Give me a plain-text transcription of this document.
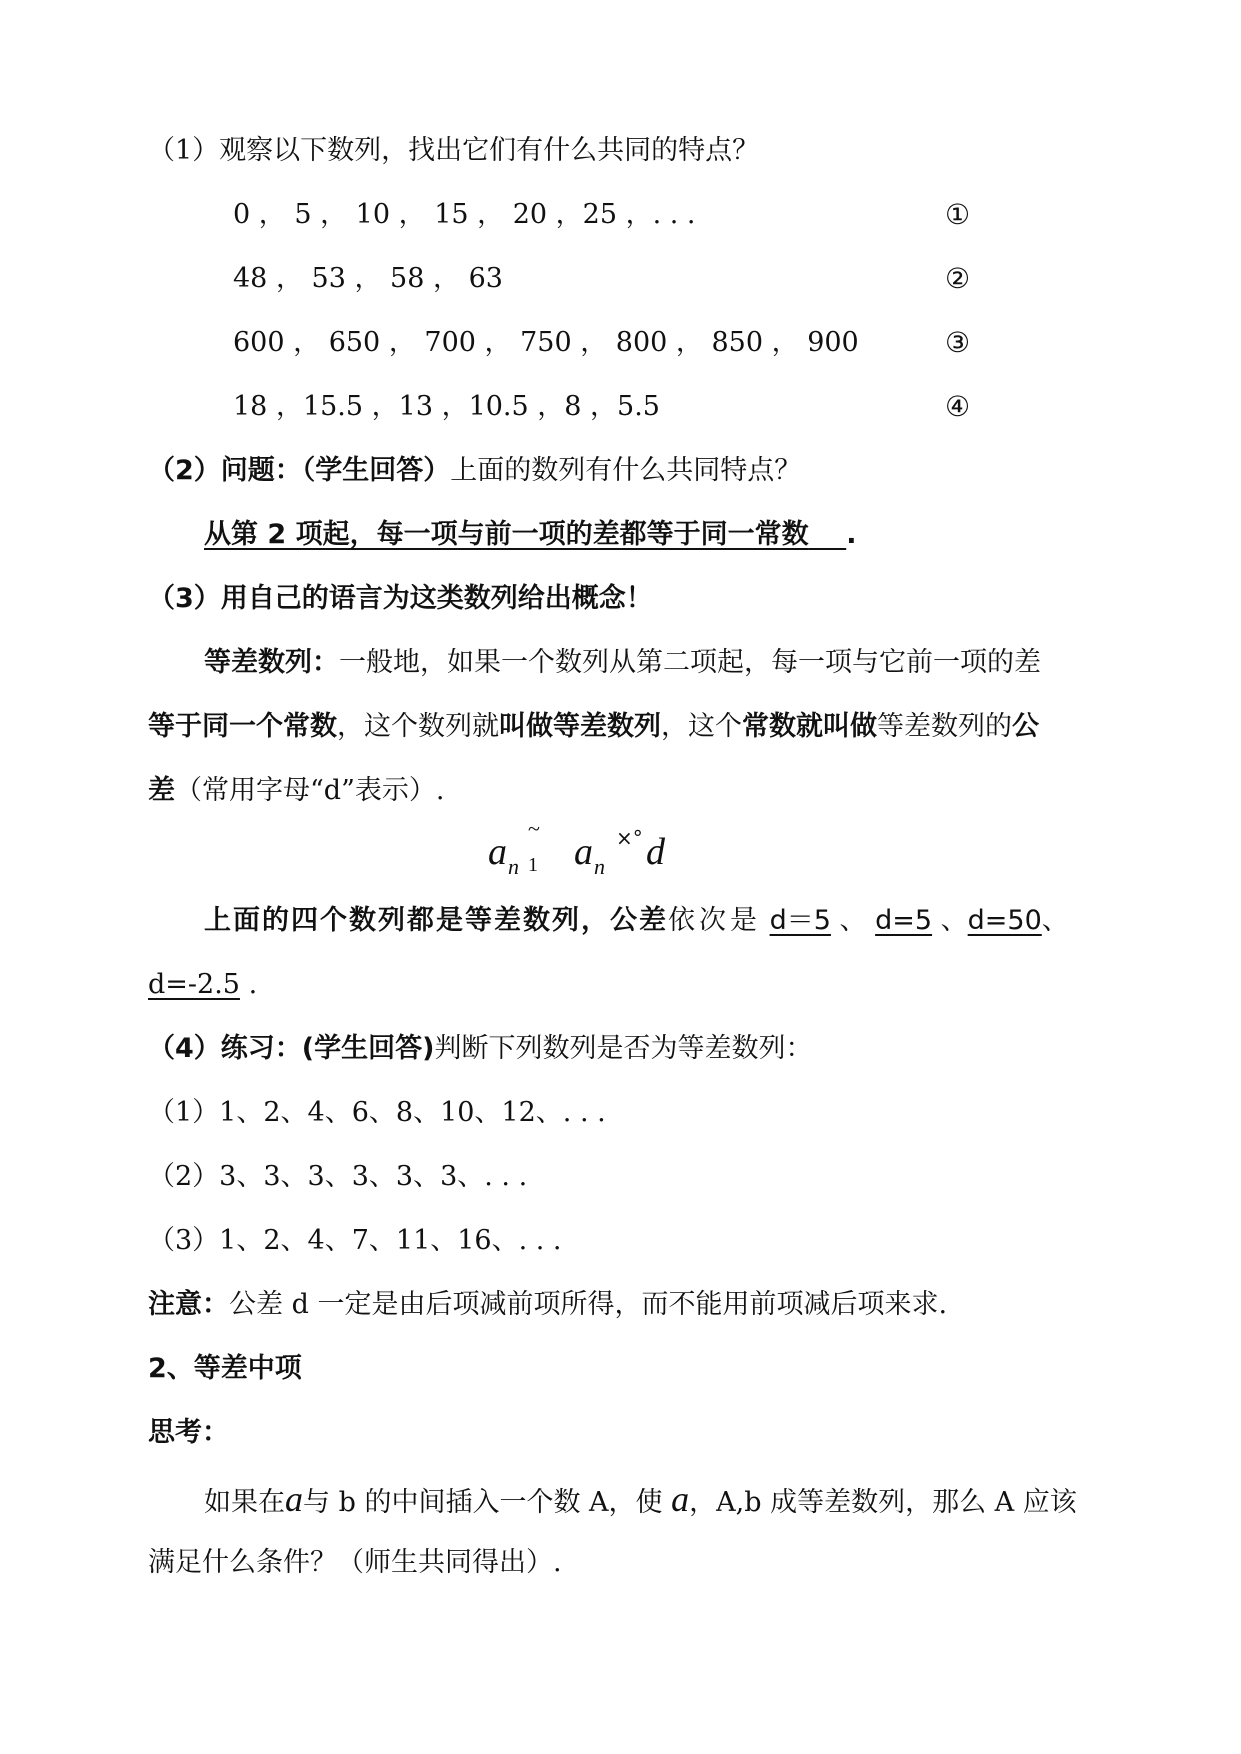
（1）观察以下数列，找出它们有什么共同的特点？
0 ， 5 ， 10 ， 15 ， 20 ，25 ，. . .	①
48 ， 53 ， 58 ， 63	②
600 ， 650 ， 700 ， 750 ， 800 ， 850 ， 900	③
18 ，15.5 ，13 ，10.5 ，8 ，5.5	④
（2）问题：（学生回答）上面的数列有什么共同特点？
从第 2 项起，每一项与前一项的差都等于同一常数 .
（3）用自己的语言为这类数列给出概念！
等差数列：一般地，如果一个数列从第二项起，每一项与它前一项的差
等于同一个常数，这个数列就叫做等差数列，这个常数就叫做等差数列的公
差（常用字母“d”表示）.
a n
~
1 a n
×° d
上面的四个数列都是等差数列，公差依次是 d＝5 、 d=5 、d=50、
d=-2.5 .
（4）练习：(学生回答)判断下列数列是否为等差数列：
（1）1、2、4、6、8、10、12、. . .
（2）3、3、3、3、3、3、. . .
（3）1、2、4、7、11、16、. . .
注意：公差 d 一定是由后项减前项所得，而不能用前项减后项来求.
2、等差中项
思考：
如果在a与 b 的中间插入一个数 A，使 a，A,b 成等差数列，那么 A 应该
满足什么条件？（师生共同得出）.
